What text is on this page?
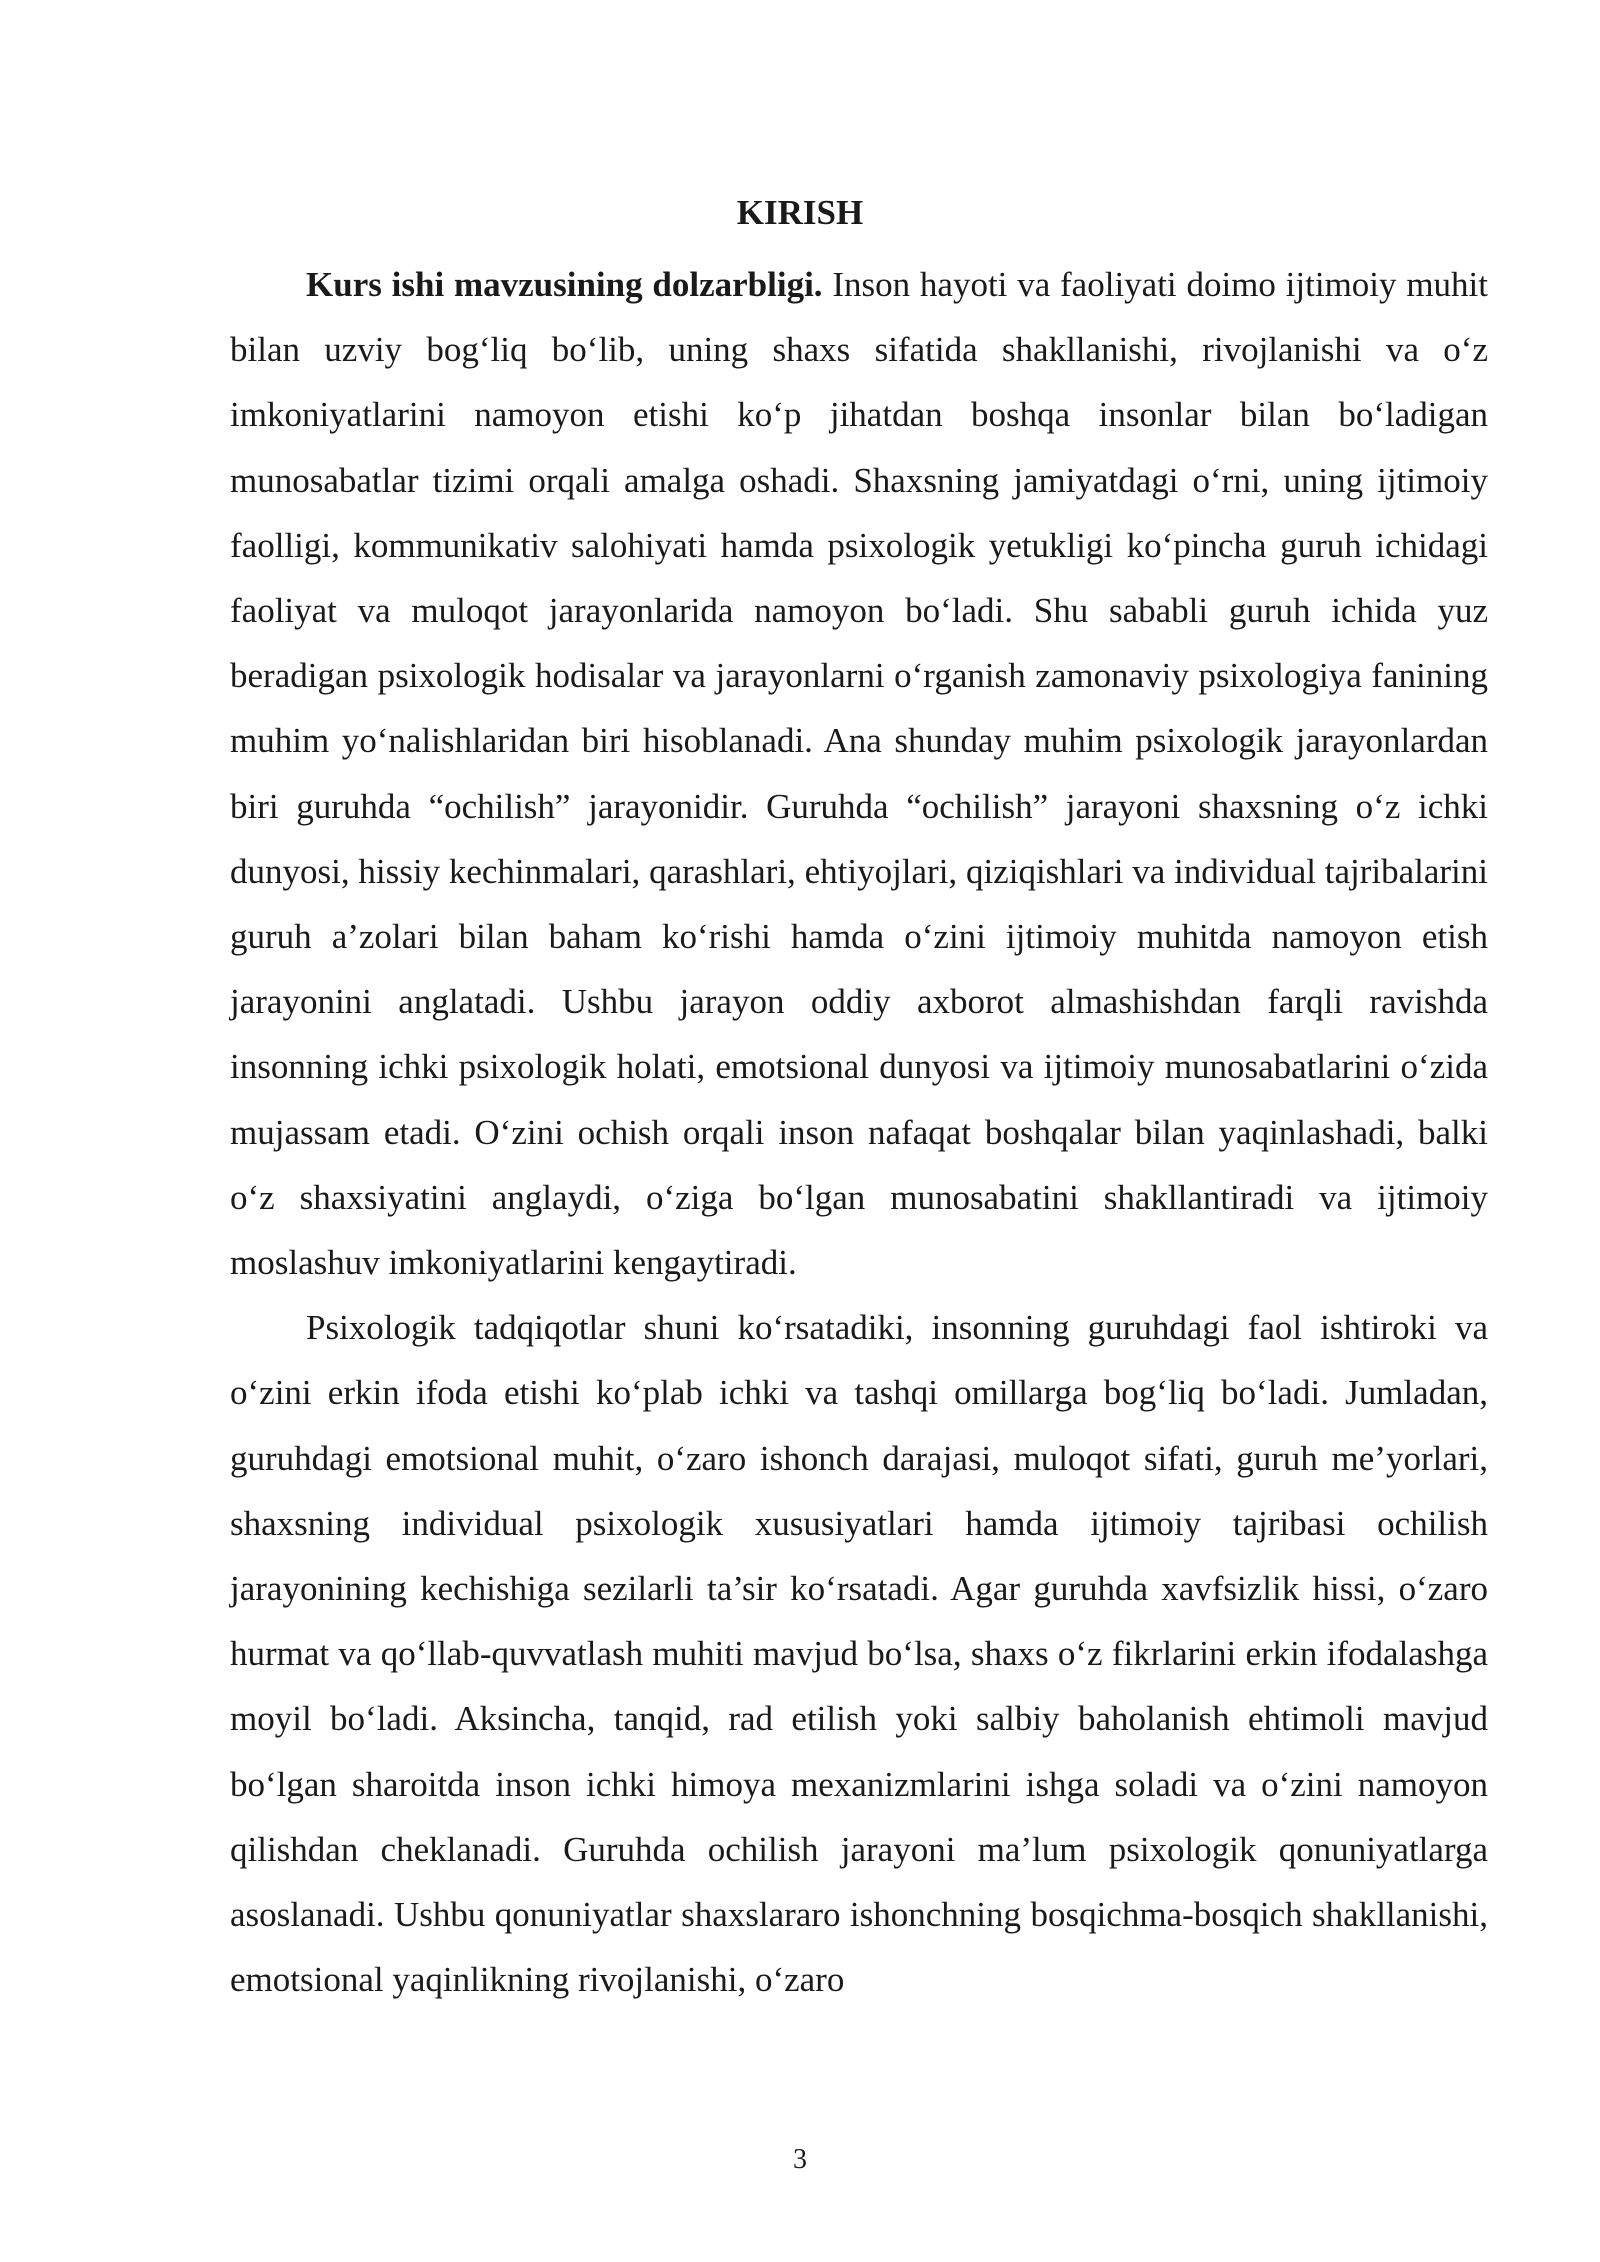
KIRISH

Kurs ishi mavzusining dolzarbligi. Inson hayoti va faoliyati doimo ijtimoiy muhit bilan uzviy bog‘liq bo‘lib, uning shaxs sifatida shakllanishi, rivojlanishi va o‘z imkoniyatlarini namoyon etishi ko‘p jihatdan boshqa insonlar bilan bo‘ladigan munosabatlar tizimi orqali amalga oshadi. Shaxsning jamiyatdagi o‘rni, uning ijtimoiy faolligi, kommunikativ salohiyati hamda psixologik yetukligi ko‘pincha guruh ichidagi faoliyat va muloqot jarayonlarida namoyon bo‘ladi. Shu sababli guruh ichida yuz beradigan psixologik hodisalar va jarayonlarni o‘rganish zamonaviy psixologiya fanining muhim yo‘nalishlaridan biri hisoblanadi. Ana shunday muhim psixologik jarayonlardan biri guruhda “ochilish” jarayonidir. Guruhda “ochilish” jarayoni shaxsning o‘z ichki dunyosi, hissiy kechinmalari, qarashlari, ehtiyojlari, qiziqishlari va individual tajribalarini guruh a’zolari bilan baham ko‘rishi hamda o‘zini ijtimoiy muhitda namoyon etish jarayonini anglatadi. Ushbu jarayon oddiy axborot almashishdan farqli ravishda insonning ichki psixologik holati, emotsional dunyosi va ijtimoiy munosabatlarini o‘zida mujassam etadi. O‘zini ochish orqali inson nafaqat boshqalar bilan yaqinlashadi, balki o‘z shaxsiyatini anglaydi, o‘ziga bo‘lgan munosabatini shakllantiradi va ijtimoiy moslashuv imkoniyatlarini kengaytiradi.

Psixologik tadqiqotlar shuni ko‘rsatadiki, insonning guruhdagi faol ishtiroki va o‘zini erkin ifoda etishi ko‘plab ichki va tashqi omillarga bog‘liq bo‘ladi. Jumladan, guruhdagi emotsional muhit, o‘zaro ishonch darajasi, muloqot sifati, guruh me’yorlari, shaxsning individual psixologik xususiyatlari hamda ijtimoiy tajribasi ochilish jarayonining kechishiga sezilarli ta’sir ko‘rsatadi. Agar guruhda xavfsizlik hissi, o‘zaro hurmat va qo‘llab-quvvatlash muhiti mavjud bo‘lsa, shaxs o‘z fikrlarini erkin ifodalashga moyil bo‘ladi. Aksincha, tanqid, rad etilish yoki salbiy baholanish ehtimoli mavjud bo‘lgan sharoitda inson ichki himoya mexanizmlarini ishga soladi va o‘zini namoyon qilishdan cheklanadi. Guruhda ochilish jarayoni ma’lum psixologik qonuniyatlarga asoslanadi. Ushbu qonuniyatlar shaxslararo ishonchning bosqichma-bosqich shakllanishi, emotsional yaqinlikning rivojlanishi, o‘zaro

3
